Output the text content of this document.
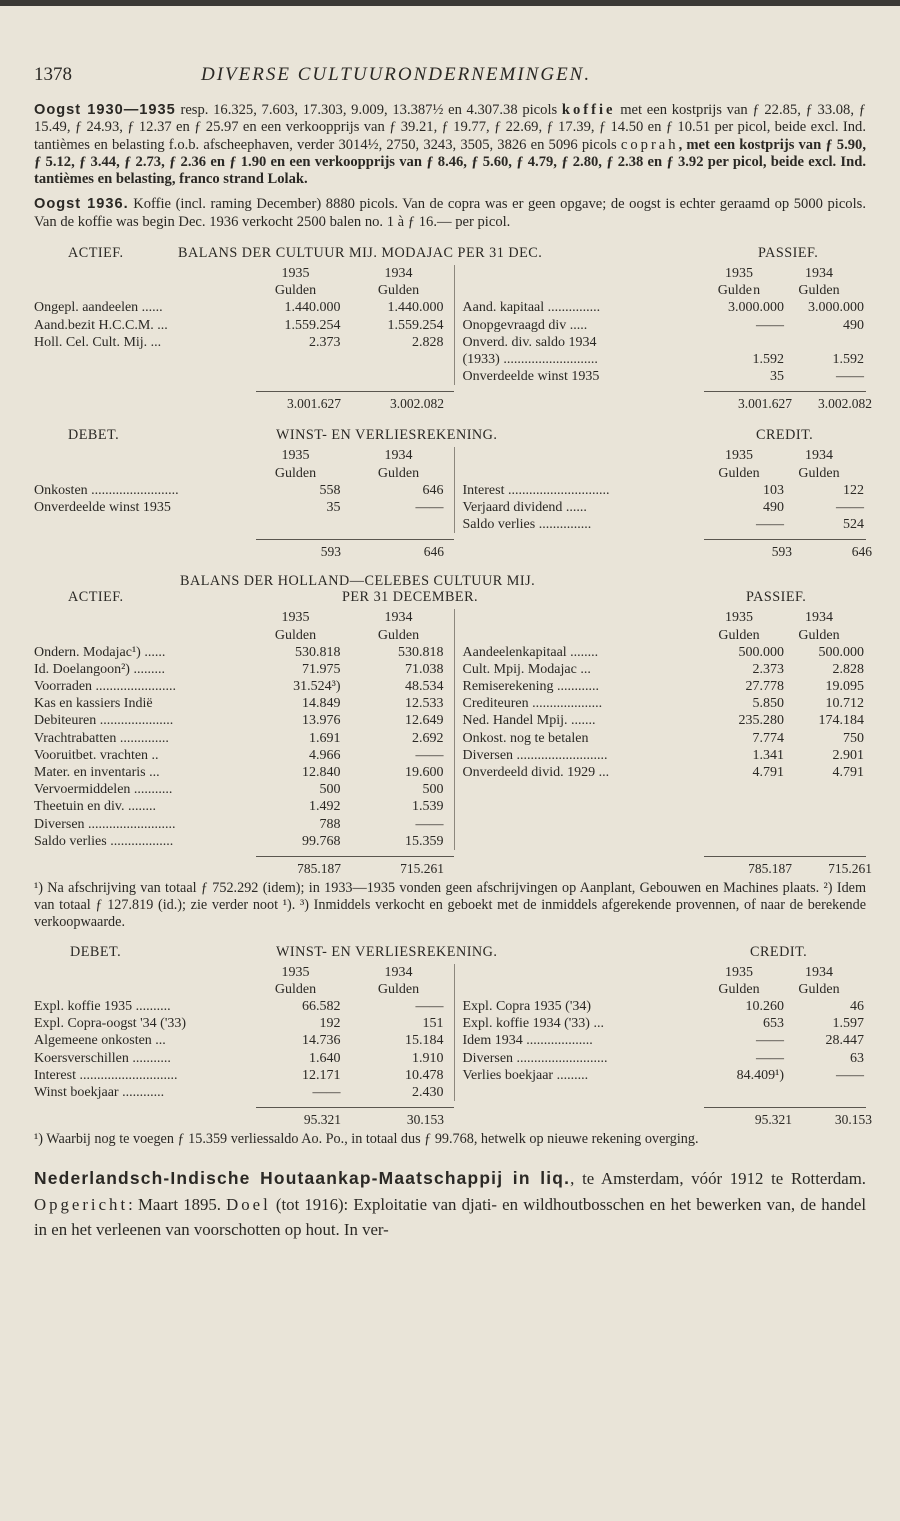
1378	DIVERSE CULTUURONDERNEMINGEN.

Oogst 1930—1935 resp. 16.325, 7.603, 17.303, 9.009, 13.387½ en 4.307.38 picols koffie met een kostprijs van ƒ 22.85, ƒ 33.08, ƒ 15.49, ƒ 24.93, ƒ 12.37 en ƒ 25.97 en een verkoopprijs van ƒ 39.21, ƒ 19.77, ƒ 22.69, ƒ 17.39, ƒ 14.50 en ƒ 10.51 per picol, beide excl. Ind. tantièmes en belasting f.o.b. afscheephaven, verder 3014½, 2750, 3243, 3505, 3826 en 5096 picols coprah, met een kostprijs van ƒ 5.90, ƒ 5.12, ƒ 3.44, ƒ 2.73, ƒ 2.36 en ƒ 1.90 en een verkoopprijs van ƒ 8.46, ƒ 5.60, ƒ 4.79, ƒ 2.80, ƒ 2.38 en ƒ 3.92 per picol, beide excl. Ind. tantièmes en belasting, franco strand Lolak.

Oogst 1936. Koffie (incl. raming December) 8880 picols. Van de copra was er geen opgave; de oogst is echter geraamd op 5000 picols. Van de koffie was begin Dec. 1936 verkocht 2500 balen no. 1 à ƒ 16.— per picol.

ACTIEF.	BALANS DER CULTUUR MIJ. MODAJAC PER 31 DEC.	PASSIEF.
1935	1934
Gulden	Gulden
Ongepl. aandeelen ......	1.440.000	1.440.000
Aand.bezit H.C.C.M. ...	1.559.254	1.559.254
Holl. Cel. Cult. Mij. ...	2.373	2.828
1935	1934
Gulde n	Gulden
Aand. kapitaal ...............	3.000.000	3.000.000
Onopgevraagd div .....	——	490
Onverd. div. saldo 1934
(1933) ...........................	1.592	1.592
Onverdeelde winst 1935	35	——
3.001.627	3.002.082	3.001.627	3.002.082
DEBET.	WINST- EN VERLIESREKENING.	CREDIT.
1935	1934
Gulden	Gulden
Onkosten .........................	558	646
Onverdeelde winst 1935	35	——
1935	1934
Gulden	Gulden
Interest .............................	103	122
Verjaard dividend ......	490	——
Saldo verlies ...............	——	524
593	646	593	646
BALANS DER HOLLAND—CELEBES CULTUUR MIJ.
PER 31 DECEMBER.
ACTIEF.	PASSIEF.
1935	1934
Gulden	Gulden
Ondern. Modajac¹) ......	530.818	530.818
Id. Doelangoon²) .........	71.975	71.038
Voorraden .......................	31.524³)	48.534
Kas en kassiers Indië	14.849	12.533
Debiteuren .....................	13.976	12.649
Vrachtrabatten ..............	1.691	2.692
Vooruitbet. vrachten ..	4.966	——
Mater. en inventaris ...	12.840	19.600
Vervoermiddelen ...........	500	500
Theetuin en div. ........	1.492	1.539
Diversen .........................	788	——
Saldo verlies ..................	99.768	15.359
1935	1934
Gulden	Gulden
Aandeelenkapitaal ........	500.000	500.000
Cult. Mpij. Modajac ...	2.373	2.828
Remiserekening ............	27.778	19.095
Crediteuren ....................	5.850	10.712
Ned. Handel Mpij. .......	235.280	174.184
Onkost. nog te betalen	7.774	750
Diversen ..........................	1.341	2.901
Onverdeeld divid. 1929 ...	4.791	4.791
785.187	715.261	785.187	715.261

¹) Na afschrijving van totaal ƒ 752.292 (idem); in 1933—1935 vonden geen afschrijvingen op Aanplant, Gebouwen en Machines plaats. ²) Idem van totaal ƒ 127.819 (id.); zie verder noot ¹). ³) Inmiddels verkocht en geboekt met de inmiddels afgerekende provennen, of naar de berekende verkoopwaarde.

DEBET.	WINST- EN VERLIESREKENING.	CREDIT.
1935	1934
Gulden	Gulden
Expl. koffie 1935 ..........	66.582	——
Expl. Copra-oogst '34 ('33)	192	151
Algemeene onkosten ...	14.736	15.184
Koersverschillen ...........	1.640	1.910
Interest ............................	12.171	10.478
Winst boekjaar ............	——	2.430
1935	1934
Gulden	Gulden
Expl. Copra 1935 ('34)	10.260	46
Expl. koffie 1934 ('33) ...	653	1.597
Idem 1934 ...................	——	28.447
Diversen ..........................	——	63
Verlies boekjaar .........	84.409¹)	——
95.321	30.153	95.321	30.153

¹) Waarbij nog te voegen ƒ 15.359 verliessaldo Ao. Po., in totaal dus ƒ 99.768, hetwelk op nieuwe rekening overging.

Nederlandsch-Indische Houtaankap-Maatschappij in liq., te Amsterdam, vóór 1912 te Rotterdam. Opgericht: Maart 1895. Doel (tot 1916): Exploitatie van djati- en wildhoutbosschen en het bewerken van, de handel in en het verleenen van voorschotten op hout. In ver-
